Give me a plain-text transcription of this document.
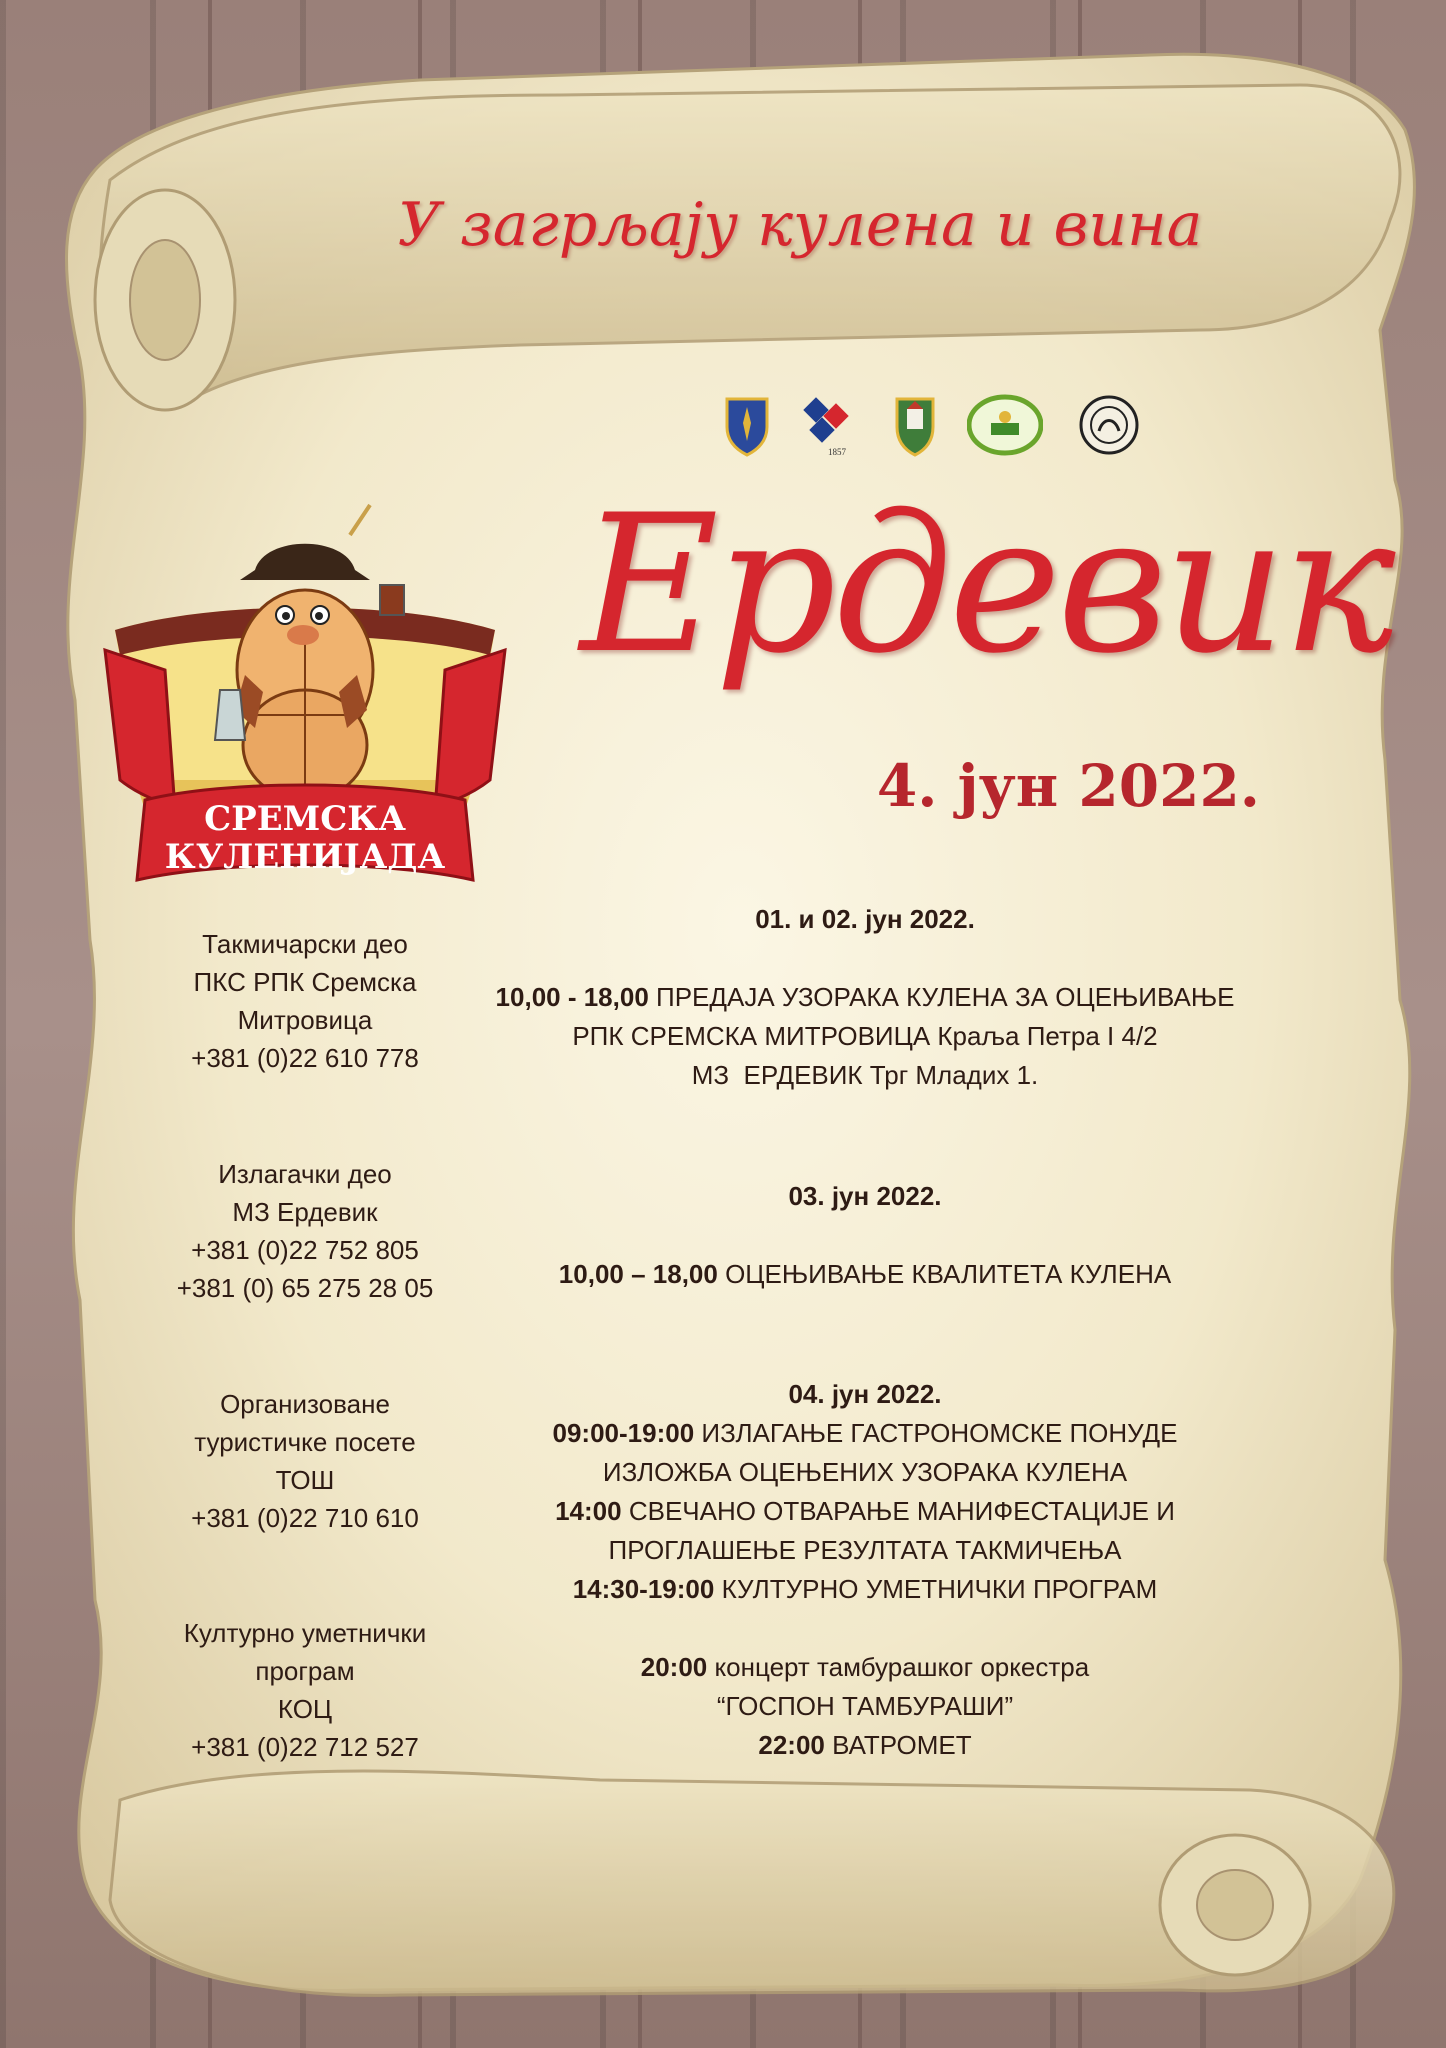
У загрљају кулена и вина
1857
Ердевик
4. јун 2022.
СРЕМСКА
КУЛЕНИЈАДА
Такмичарски део
ПКС РПК Сремска
Митровица
+381 (0)22 610 778
Излагачки део
МЗ Ердевик
+381 (0)22 752 805
+381 (0) 65 275 28 05
Организоване
туристичке посете
ТОШ
+381 (0)22 710 610
Културно уметнички
програм
КОЦ
+381 (0)22 712 527
01. и 02. јун 2022.
10,00 - 18,00 ПРЕДАЈА УЗОРАКА КУЛЕНА ЗА ОЦЕЊИВАЊЕ
РПК СРЕМСКА МИТРОВИЦА Краља Петра I 4/2
МЗ  ЕРДЕВИК Трг Младих 1.
03. јун 2022.
10,00 – 18,00 ОЦЕЊИВАЊЕ КВАЛИТЕТА КУЛЕНА
04. јун 2022.
09:00-19:00 ИЗЛАГАЊЕ ГАСТРОНОМСКЕ ПОНУДЕ
ИЗЛОЖБА ОЦЕЊЕНИХ УЗОРАКА КУЛЕНА
14:00 СВЕЧАНО ОТВАРАЊЕ МАНИФЕСТАЦИЈЕ И
ПРОГЛАШЕЊЕ РЕЗУЛТАТА ТАКМИЧЕЊА
14:30-19:00 КУЛТУРНО УМЕТНИЧКИ ПРОГРАМ
20:00 концерт тамбурашког оркестра
“ГОСПОН ТАМБУРАШИ”
22:00 ВАТРОМЕТ
